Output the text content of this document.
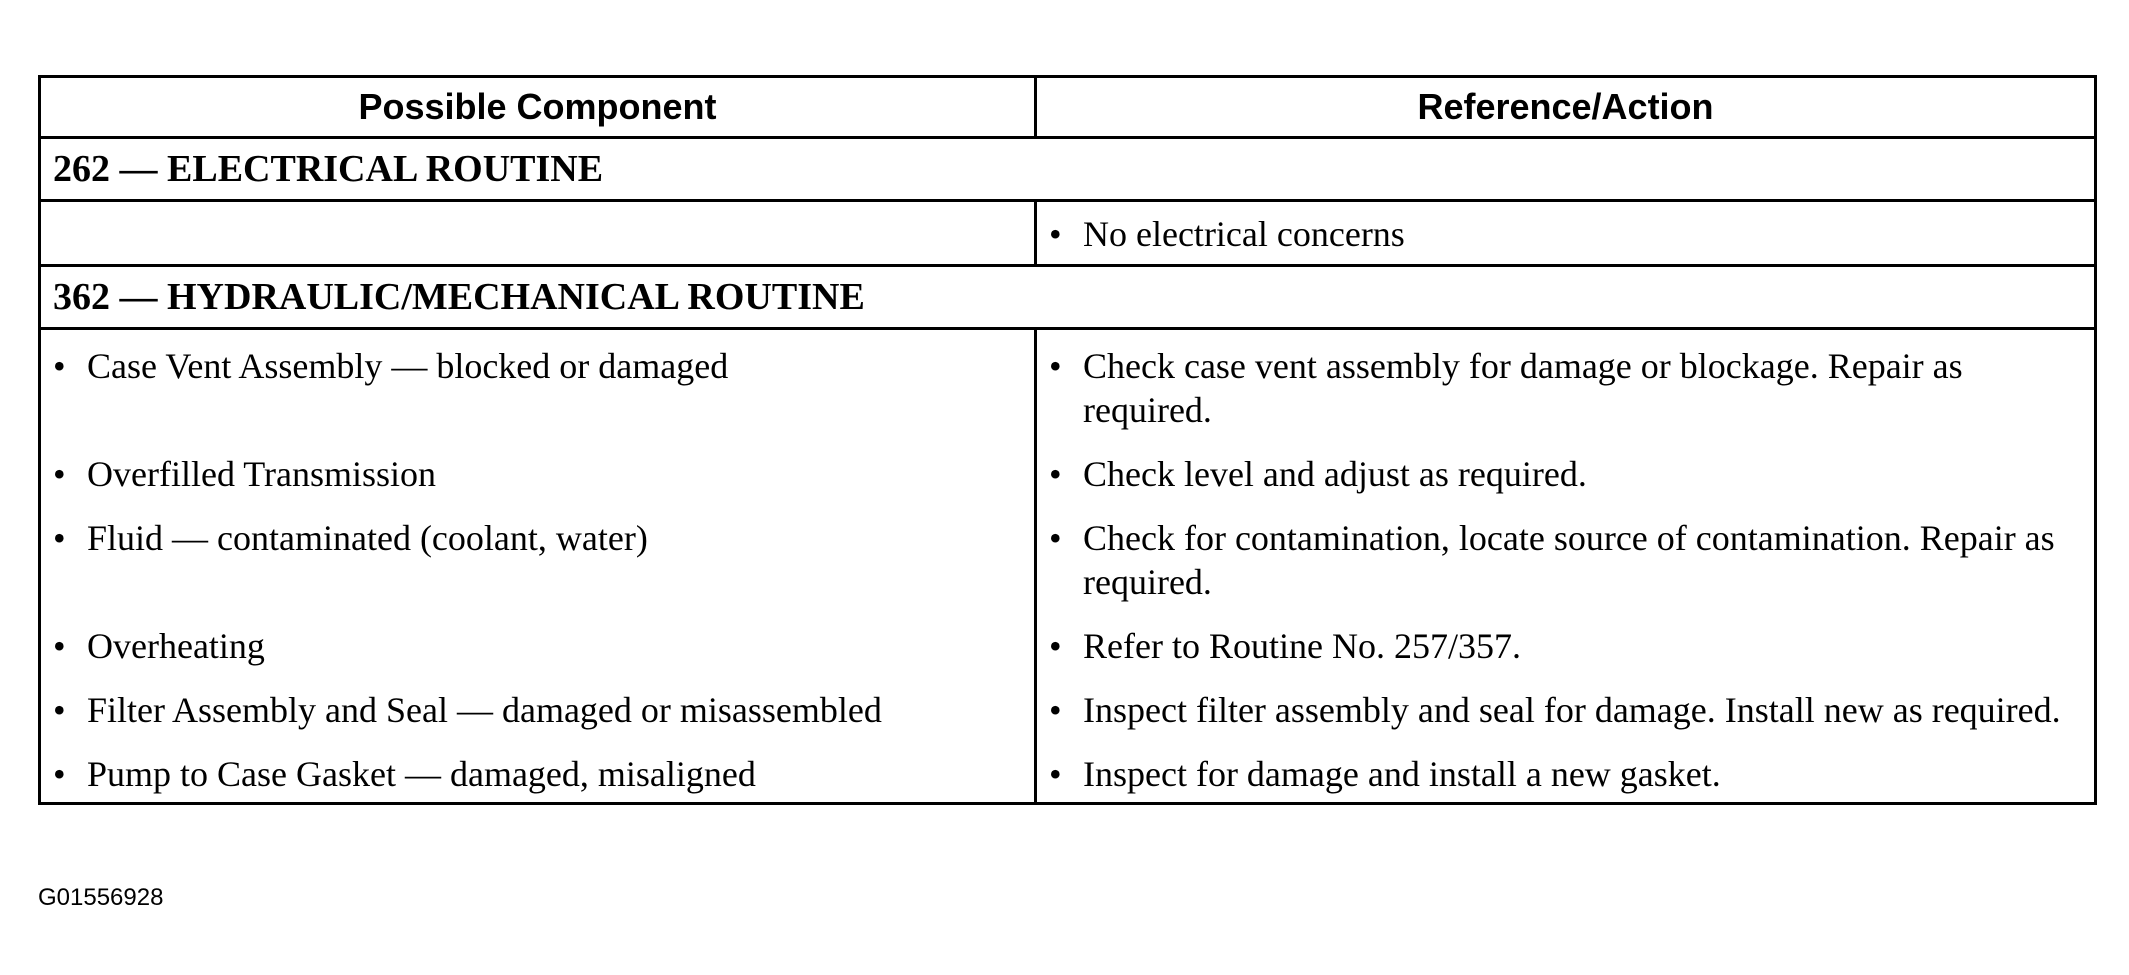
Possible Component	Reference/Action
262 — ELECTRICAL ROUTINE	

	• No electrical concerns

362 — HYDRAULIC/MECHANICAL ROUTINE	

• Case Vent Assembly — blocked or damaged	• Check case vent assembly for damage or blockage. Repair as required.

• Overfilled Transmission	• Check level and adjust as required.

• Fluid — contaminated (coolant, water)	• Check for contamination, locate source of contamination. Repair as required.

• Overheating	• Refer to Routine No. 257/357.

• Filter Assembly and Seal — damaged or misassembled	• Inspect filter assembly and seal for damage. Install new as required.

• Pump to Case Gasket — damaged, misaligned	• Inspect for damage and install a new gasket.
G01556928
